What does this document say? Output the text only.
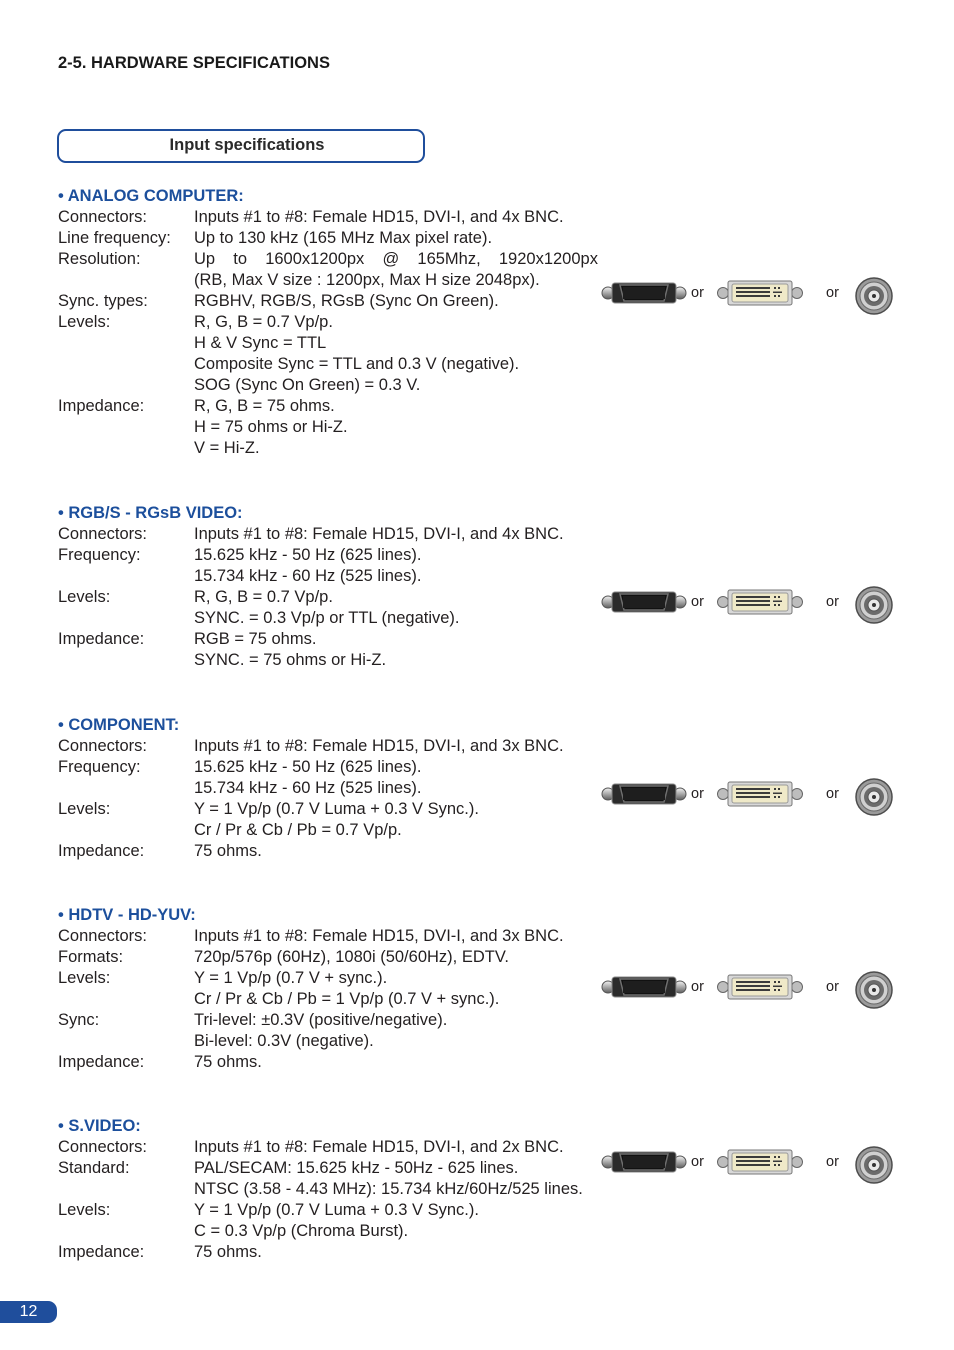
2-5. HARDWARE SPECIFICATIONS
Input specifications
• ANALOG COMPUTER:
Connectors:	Inputs #1 to #8: Female HD15, DVI-I, and 4x BNC.
Line frequency:	Up to 130 kHz (165 MHz Max pixel rate).
Resolution:	Up to 1600x1200px @ 165Mhz, 1920x1200px
(RB, Max V size : 1200px, Max H size 2048px).
Sync. types:	RGBHV, RGB/S, RGsB (Sync On Green).
Levels:	R, G, B = 0.7 Vp/p.
H & V Sync = TTL
Composite Sync = TTL and 0.3 V (negative).
SOG (Sync On Green) = 0.3 V.
Impedance:	R, G, B = 75 ohms.
H = 75 ohms or Hi-Z.
V = Hi-Z.
• RGB/S - RGsB VIDEO:
Connectors:	Inputs #1 to #8: Female HD15, DVI-I, and 4x BNC.
Frequency:	15.625 kHz - 50 Hz (625 lines).
15.734 kHz - 60 Hz (525 lines).
Levels:	R, G, B = 0.7 Vp/p.
SYNC. = 0.3 Vp/p or TTL (negative).
Impedance:	RGB = 75 ohms.
SYNC. = 75 ohms or Hi-Z.
• COMPONENT:
Connectors:	Inputs #1 to #8: Female HD15, DVI-I, and 3x BNC.
Frequency:	15.625 kHz - 50 Hz (625 lines).
15.734 kHz - 60 Hz (525 lines).
Levels:	Y = 1 Vp/p (0.7 V Luma + 0.3 V Sync.).
Cr / Pr & Cb / Pb = 0.7 Vp/p.
Impedance:	75 ohms.
• HDTV - HD-YUV:
Connectors:	Inputs #1 to #8: Female HD15, DVI-I, and 3x BNC.
Formats:	720p/576p (60Hz), 1080i (50/60Hz), EDTV.
Levels:	Y = 1 Vp/p (0.7 V + sync.).
Cr / Pr & Cb / Pb = 1 Vp/p (0.7 V + sync.).
Sync:	Tri-level: ±0.3V (positive/negative).
Bi-level: 0.3V (negative).
Impedance:	75 ohms.
• S.VIDEO:
Connectors:	Inputs #1 to #8: Female HD15, DVI-I, and 2x BNC.
Standard:	PAL/SECAM: 15.625 kHz - 50Hz - 625 lines.
NTSC (3.58 - 4.43 MHz): 15.734 kHz/60Hz/525 lines.
Levels:	Y = 1 Vp/p (0.7 V Luma + 0.3 V Sync.).
C = 0.3 Vp/p (Chroma Burst).
Impedance:	75 ohms.
12
or	or
or	or
or	or
or	or
or	or
